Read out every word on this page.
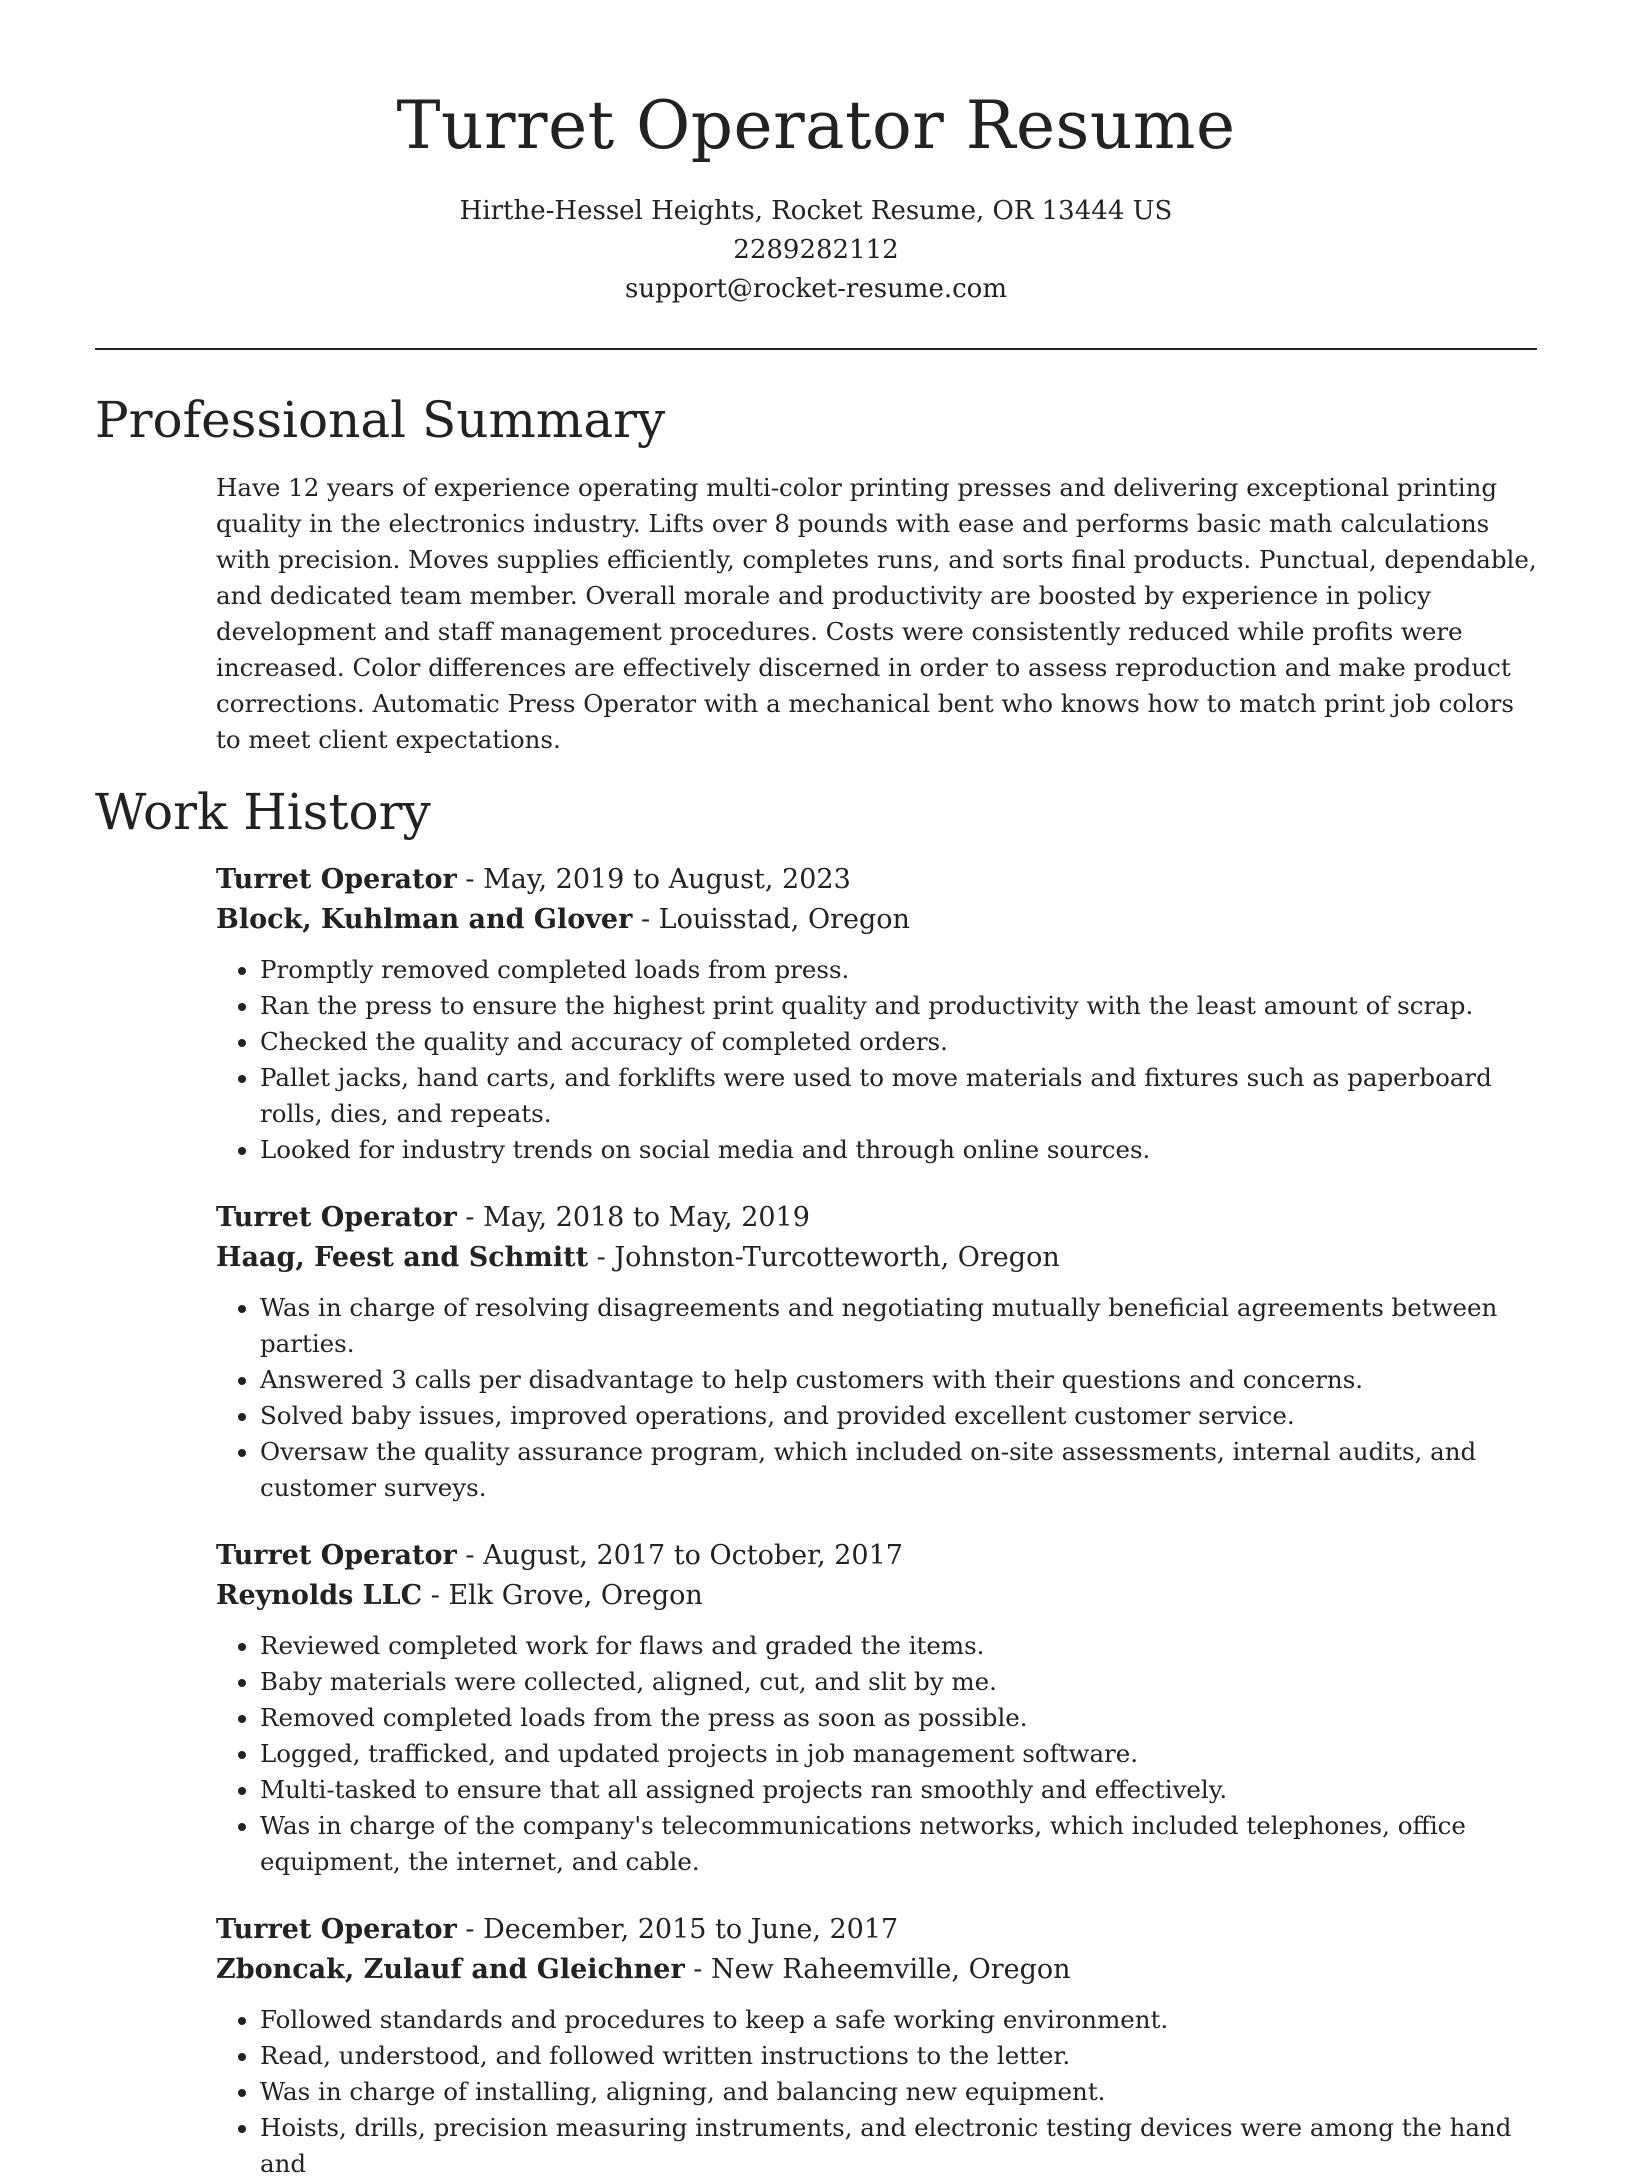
Turret Operator Resume
Hirthe-Hessel Heights, Rocket Resume, OR 13444 US
2289282112
support@rocket-resume.com
Professional Summary
Have 12 years of experience operating multi-color printing presses and delivering exceptional printing quality in the electronics industry. Lifts over 8 pounds with ease and performs basic math calculations with precision. Moves supplies efficiently, completes runs, and sorts final products. Punctual, dependable, and dedicated team member. Overall morale and productivity are boosted by experience in policy development and staff management procedures. Costs were consistently reduced while profits were increased. Color differences are effectively discerned in order to assess reproduction and make product corrections. Automatic Press Operator with a mechanical bent who knows how to match print job colors to meet client expectations.
Work History
Turret Operator - May, 2019 to August, 2023
Block, Kuhlman and Glover - Louisstad, Oregon
• Promptly removed completed loads from press.
• Ran the press to ensure the highest print quality and productivity with the least amount of scrap.
• Checked the quality and accuracy of completed orders.
• Pallet jacks, hand carts, and forklifts were used to move materials and fixtures such as paperboard rolls, dies, and repeats.
• Looked for industry trends on social media and through online sources.
Turret Operator - May, 2018 to May, 2019
Haag, Feest and Schmitt - Johnston-Turcotteworth, Oregon
• Was in charge of resolving disagreements and negotiating mutually beneficial agreements between parties.
• Answered 3 calls per disadvantage to help customers with their questions and concerns.
• Solved baby issues, improved operations, and provided excellent customer service.
• Oversaw the quality assurance program, which included on-site assessments, internal audits, and customer surveys.
Turret Operator - August, 2017 to October, 2017
Reynolds LLC - Elk Grove, Oregon
• Reviewed completed work for flaws and graded the items.
• Baby materials were collected, aligned, cut, and slit by me.
• Removed completed loads from the press as soon as possible.
• Logged, trafficked, and updated projects in job management software.
• Multi-tasked to ensure that all assigned projects ran smoothly and effectively.
• Was in charge of the company's telecommunications networks, which included telephones, office equipment, the internet, and cable.
Turret Operator - December, 2015 to June, 2017
Zboncak, Zulauf and Gleichner - New Raheemville, Oregon
• Followed standards and procedures to keep a safe working environment.
• Read, understood, and followed written instructions to the letter.
• Was in charge of installing, aligning, and balancing new equipment.
• Hoists, drills, precision measuring instruments, and electronic testing devices were among the hand and
